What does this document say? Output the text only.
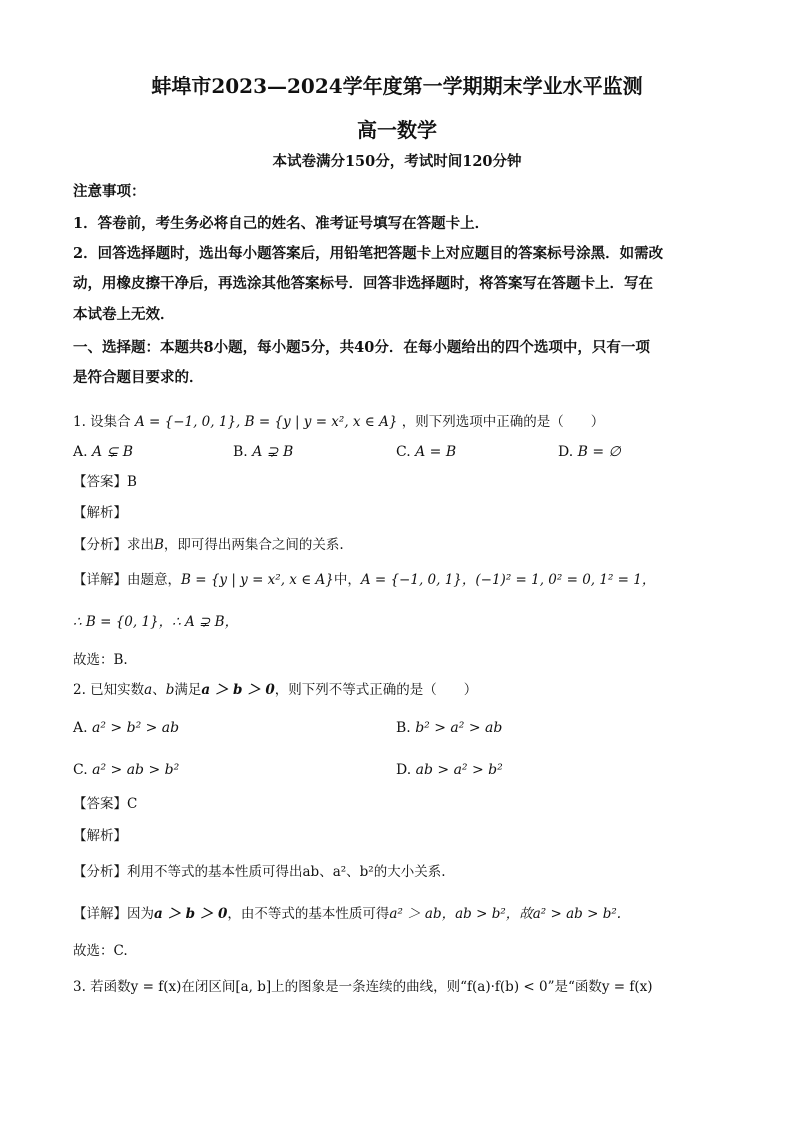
蚌埠市2023—2024学年度第一学期期末学业水平监测
高一数学
本试卷满分150分，考试时间120分钟
注意事项：
1．答卷前，考生务必将自己的姓名、准考证号填写在答题卡上．
2．回答选择题时，选出每小题答案后，用铅笔把答题卡上对应题目的答案标号涂黑．如需改
动，用橡皮擦干净后，再选涂其他答案标号．回答非选择题时，将答案写在答题卡上．写在
本试卷上无效．
一、选择题：本题共8小题，每小题5分，共40分．在每小题给出的四个选项中，只有一项
是符合题目要求的．
1. 设集合 A = {−1, 0, 1}, B = {y | y = x², x ∈ A} ，则下列选项中正确的是（　　）
A. A ⊊ B	B. A ⊋ B	C. A = B	D. B = ∅
【答案】B
【解析】
【分析】求出B，即可得出两集合之间的关系.
【详解】由题意，B = {y | y = x², x ∈ A}中，A = {−1, 0, 1}，(−1)² = 1, 0² = 0, 1² = 1，
∴ B = {0, 1}，∴ A ⊋ B，
故选：B.
2. 已知实数a、b满足a ＞ b ＞ 0，则下列不等式正确的是（　　）
A. a² > b² > ab	B. b² > a² > ab
C. a² > ab > b²	D. ab > a² > b²
【答案】C
【解析】
【分析】利用不等式的基本性质可得出ab、a²、b²的大小关系.
【详解】因为a ＞ b ＞ 0，由不等式的基本性质可得a² ＞ ab，ab > b²，故a² > ab > b².
故选：C.
3. 若函数y = f(x)在闭区间[a, b]上的图象是一条连续的曲线，则“f(a)·f(b) < 0”是“函数y = f(x)
